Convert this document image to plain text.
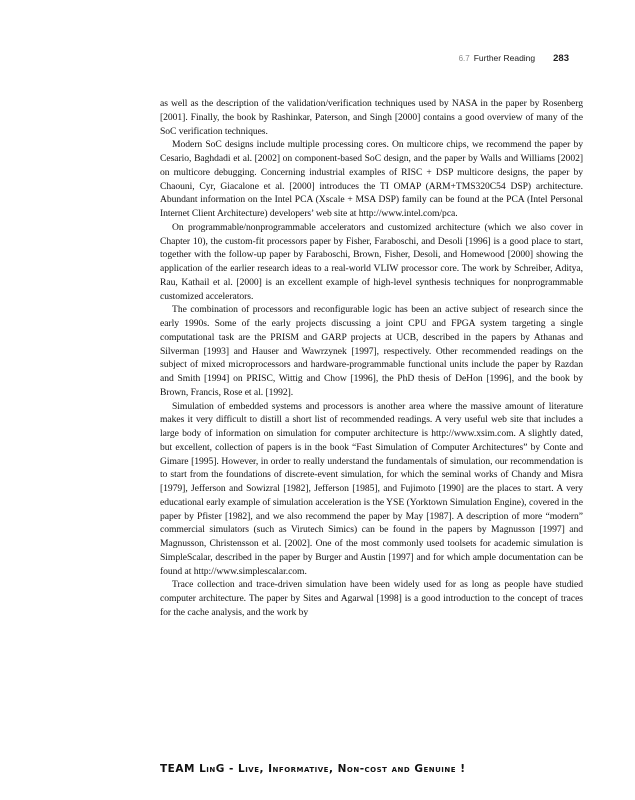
6.7 Further Reading 283

as well as the description of the validation/verification techniques used by NASA in the paper by Rosenberg [2001]. Finally, the book by Rashinkar, Paterson, and Singh [2000] contains a good overview of many of the SoC verification techniques.

Modern SoC designs include multiple processing cores. On multicore chips, we recommend the paper by Cesario, Baghdadi et al. [2002] on component-based SoC design, and the paper by Walls and Williams [2002] on multicore debugging. Concerning industrial examples of RISC + DSP multicore designs, the paper by Chaouni, Cyr, Giacalone et al. [2000] introduces the TI OMAP (ARM+TMS320C54 DSP) architecture. Abundant information on the Intel PCA (Xscale + MSA DSP) family can be found at the PCA (Intel Personal Internet Client Architecture) developers’ web site at http://www.intel.com/pca.

On programmable/nonprogrammable accelerators and customized architecture (which we also cover in Chapter 10), the custom-fit processors paper by Fisher, Faraboschi, and Desoli [1996] is a good place to start, together with the follow-up paper by Faraboschi, Brown, Fisher, Desoli, and Homewood [2000] showing the application of the earlier research ideas to a real-world VLIW processor core. The work by Schreiber, Aditya, Rau, Kathail et al. [2000] is an excellent example of high-level synthesis techniques for nonprogrammable customized accelerators.

The combination of processors and reconfigurable logic has been an active subject of research since the early 1990s. Some of the early projects discussing a joint CPU and FPGA system targeting a single computational task are the PRISM and GARP projects at UCB, described in the papers by Athanas and Silverman [1993] and Hauser and Wawrzynek [1997], respectively. Other recommended readings on the subject of mixed microprocessors and hardware-programmable functional units include the paper by Razdan and Smith [1994] on PRISC, Wittig and Chow [1996], the PhD thesis of DeHon [1996], and the book by Brown, Francis, Rose et al. [1992].

Simulation of embedded systems and processors is another area where the massive amount of literature makes it very difficult to distill a short list of recommended readings. A very useful web site that includes a large body of information on simulation for computer architecture is http://www.xsim.com. A slightly dated, but excellent, collection of papers is in the book “Fast Simulation of Computer Architectures” by Conte and Gimare [1995]. However, in order to really understand the fundamentals of simulation, our recommendation is to start from the foundations of discrete-event simulation, for which the seminal works of Chandy and Misra [1979], Jefferson and Sowizral [1982], Jefferson [1985], and Fujimoto [1990] are the places to start. A very educational early example of simulation acceleration is the YSE (Yorktown Simulation Engine), covered in the paper by Pfister [1982], and we also recommend the paper by May [1987]. A description of more “modern” commercial simulators (such as Virutech Simics) can be found in the papers by Magnusson [1997] and Magnusson, Christensson et al. [2002]. One of the most commonly used toolsets for academic simulation is SimpleScalar, described in the paper by Burger and Austin [1997] and for which ample documentation can be found at http://www.simplescalar.com.

Trace collection and trace-driven simulation have been widely used for as long as people have studied computer architecture. The paper by Sites and Agarwal [1998] is a good introduction to the concept of traces for the cache analysis, and the work by

TEAM LinG - Live, Informative, Non-cost and Genuine !
